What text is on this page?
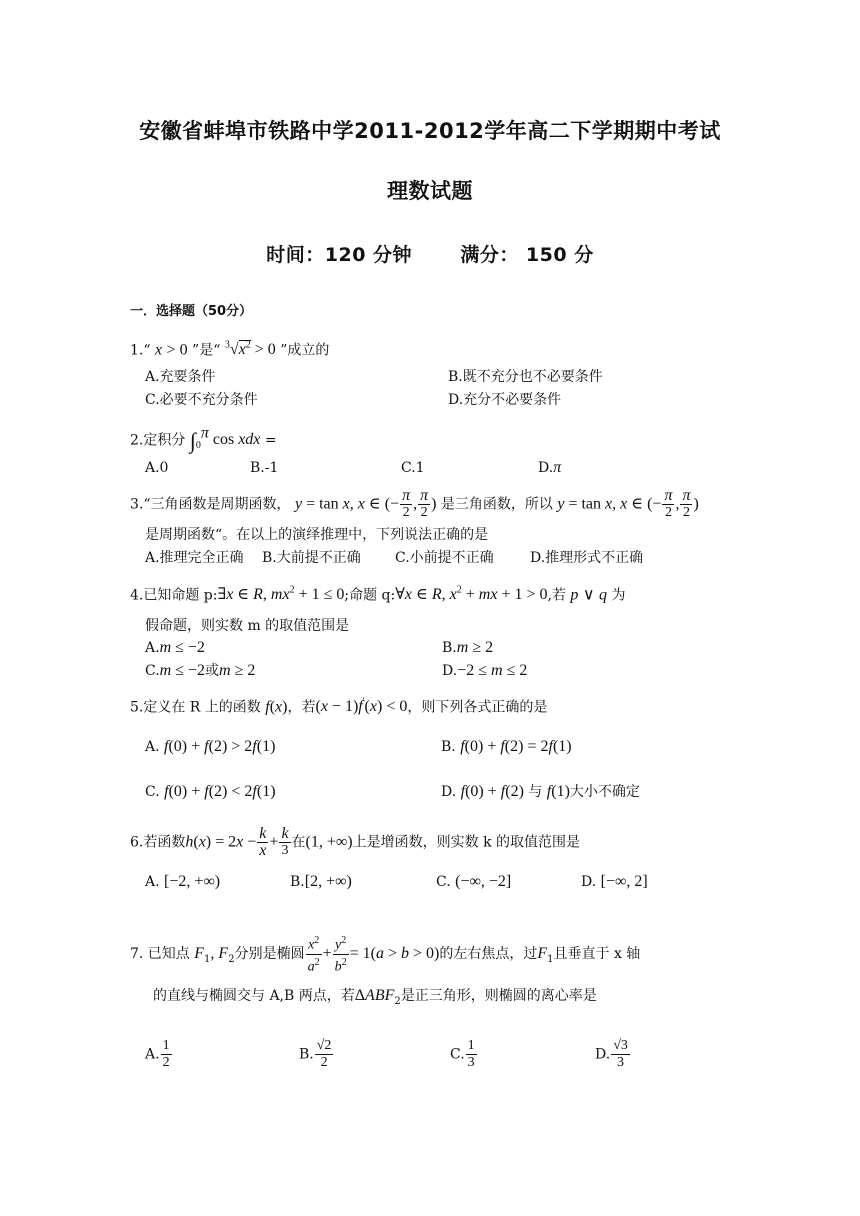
安徽省蚌埠市铁路中学2011-2012学年高二下学期期中考试
理数试题
时间：120 分钟	满分： 150 分
一．选择题（50分）
1.“ x > 0 ”是“ $^3√x^2 > 0$ ”成立的
A.充要条件	B.既不充分也不必要条件
C.必要不充分条件	D.充分不必要条件
2.定积分 $\int_0^\pi$ cos xdx =
A.0	B.-1	C.1	D.π
3.“三角函数是周期函数， y = tan x, x ∈ (− $\frac{\pi}{2}$ , $\frac{\pi}{2}$ ) 是三角函数，所以 y = tan x, x ∈ (− $\frac{\pi}{2}$ , $\frac{\pi}{2}$ )
是周期函数“。在以上的演绎推理中，下列说法正确的是
A.推理完全正确 B.大前提不正确 C.小前提不正确	D.推理形式不正确
4.已知命题 p:∃x ∈ R, $mx^2 + 1 \le 0$;命题 q:∀x ∈ R, $x^2$ + mx + 1 > 0,若 p ∨ q 为
假命题，则实数 m 的取值范围是
A.m ≤ −2	B.m ≥ 2
C.m ≤ −2或m ≥ 2	D.−2 ≤ m ≤ 2
5.定义在 R 上的函数 f(x)，若(x − 1)f'(x) < 0，则下列各式正确的是
A. f(0) + f(2) > 2f(1)	B. f(0) + f(2) = 2f(1)
C. f(0) + f(2) < 2f(1)	D. f(0) + f(2) 与 f(1)大小不确定
6.若函数$h(x) = 2x - \frac{k}{x} + \frac{k}{3}$ 在(1, +∞)上是增函数，则实数 k 的取值范围是
A. [−2, +∞)	B.[2, +∞)	C. (−∞, −2]	D. [−∞, 2]
7. 已知点 $F_1$, $F_2$分别是椭圆 $\frac{x^2}{a^2} + \frac{y^2}{b^2} = 1(a > b > 0)$的左右焦点，过$F_1$且垂直于 x 轴
的直线与椭圆交与 A,B 两点，若$\Delta ABF_2$是正三角形，则椭圆的离心率是
A. $\frac{1}{2}$	B. $\frac{√2}{2}$	C. $\frac{1}{3}$	D. $\frac{√3}{3}$
